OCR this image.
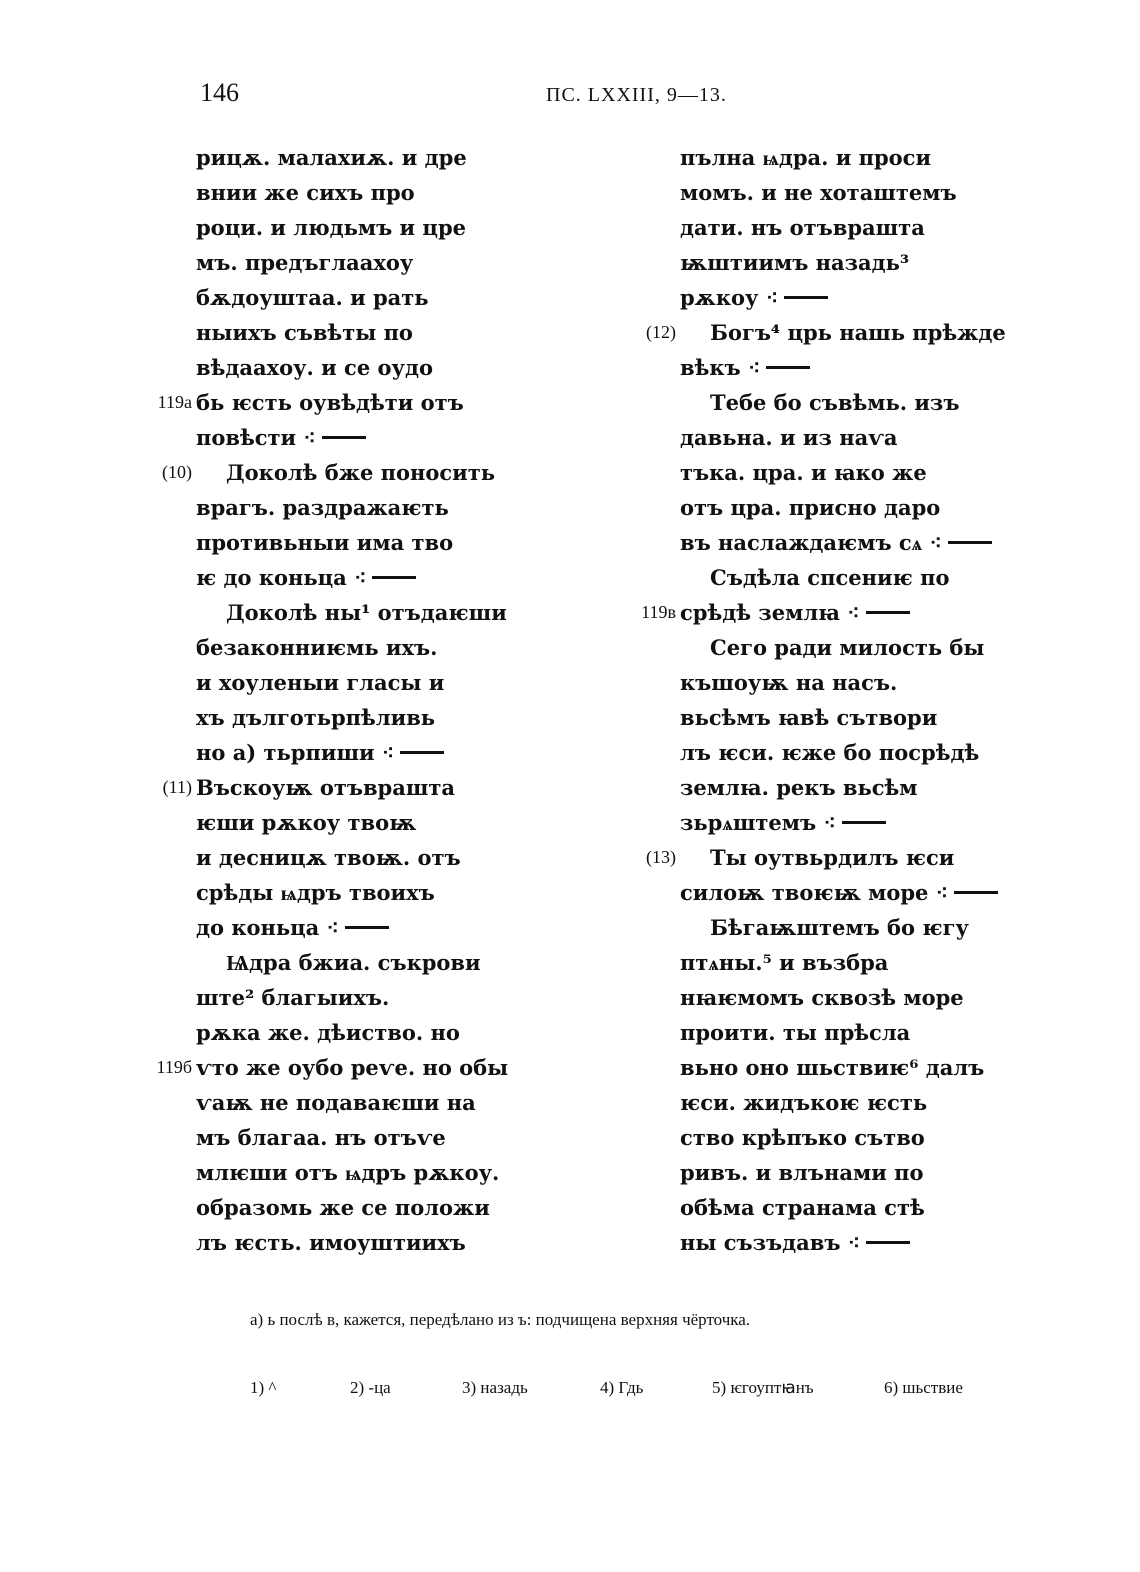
146	ПС. LXXIII, 9—13.
рицѫ. малахиѫ. и дре
внии же сихъ про
роци. и людьмъ и цре
мъ. предъглаахоу
бѫдоуштаа. и рать
ныихъ съвѣты по
вѣдаахоу. и се оудо
119а бь ѥсть оувѣдѣти отъ
повѣсти ⁖
(10) Доколѣ бже поносить
врагъ. раздражаѥть
противьныи има тво
ѥ до коньца ⁖
Доколѣ ны¹ отъдаѥши
безаконниѥмь ихъ.
и хоуленыи гласы и
хъ дълготьрпѣливь
но а) тьрпиши ⁖
(11) Въскоуѭ отъвраштa
ѥши рѫкоу твоѭ
и десницѫ твоѭ. отъ
срѣды ѩдръ твоихъ
до коньца ⁖
Ѩдра бжиа. съкрови
ште² благыихъ.
рѫка же. дѣиство. но
119б ѵто же оубо реѵе. но обы
ѵаѭ не подаваѥши на
мъ благаа. нъ отъѵе
млѥши отъ ѩдръ рѫкоу.
образомь же се положи
лъ ѥсть. имоуштиихъ
пълна ѩдра. и проси
момъ. и не хоташтемъ
дати. нъ отъвраштa
ѭштиимъ назадь³
рѫкоу ⁖
(12) Богъ⁴ црь нашь прѣжде
вѣкъ ⁖
Тебе бо съвѣмь. изъ
давьна. и из наѵа
тъка. цра. и ꙗко же
отъ цра. присно даро
въ наслаждаѥмъ сѧ ⁖
Съдѣла спсениѥ по
119в срѣдѣ землꙗ ⁖
Сего ради милость бы
къшоуѭ на насъ.
вьсѣмъ ꙗвѣ сътвори
лъ ѥси. ѥже бо посрѣдѣ
землꙗ. рекъ вьсѣм
зьрѧштемъ ⁖
(13) Ты оутвьрдилъ ѥси
силоѭ твоѥѭ море ⁖
Бѣгаѭштемъ бо ѥгу
птѧны.⁵ и възбра
нꙗѥмомъ сквозѣ море
проити. ты прѣсла
вьно оно шьствиѥ⁶ далъ
ѥси. жидъкоѥ ѥсть
ство крѣпъко сътво
ривъ. и влънами по
обѣма странама стѣ
ны съзъдавъ ⁖
а) ь послѣ в, кажется, передѣлано из ъ: подчищена верхняя чёрточка.
1) ^	2) -ца	3) назадь	4) Гдь	5) ѥгоуптꙗнъ	6) шьствие
